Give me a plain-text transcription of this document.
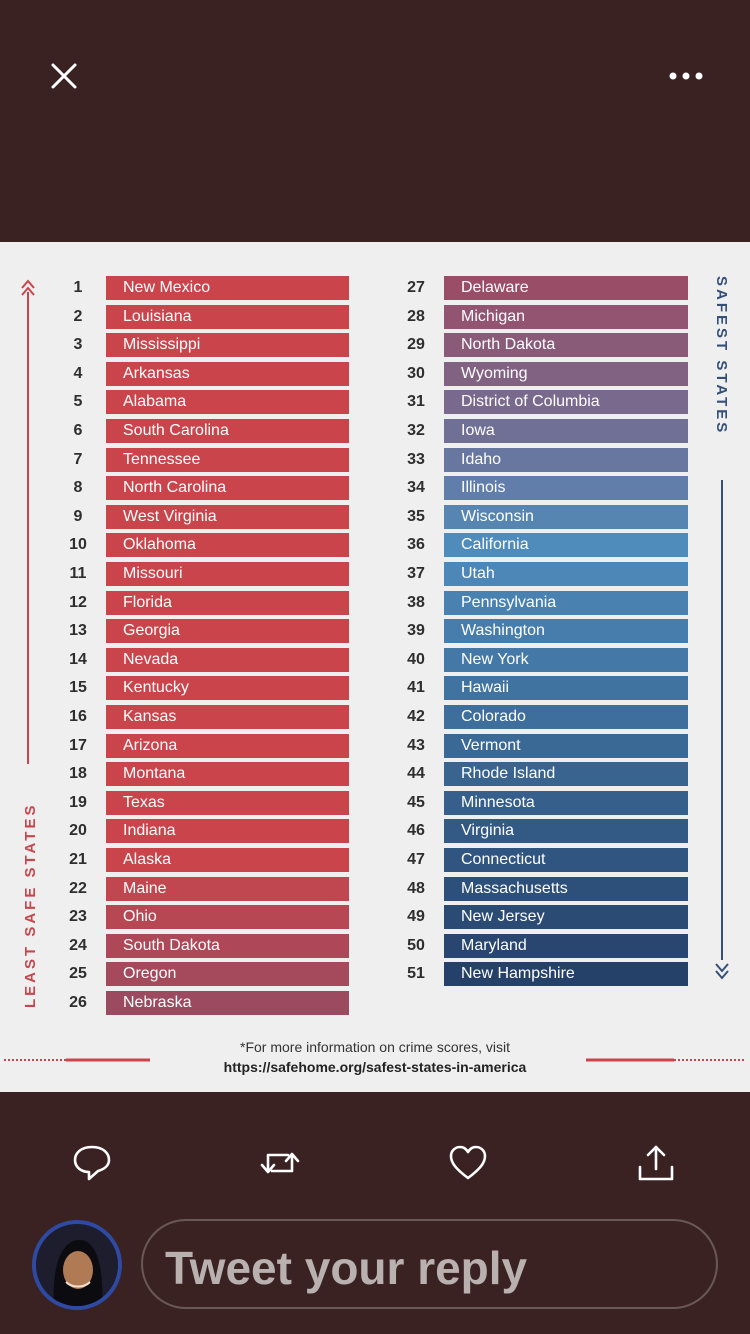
LEAST SAFE STATES
SAFEST STATES
1	New Mexico
2	Louisiana
3	Mississippi
4	Arkansas
5	Alabama
6	South Carolina
7	Tennessee
8	North Carolina
9	West Virginia
10	Oklahoma
11	Missouri
12	Florida
13	Georgia
14	Nevada
15	Kentucky
16	Kansas
17	Arizona
18	Montana
19	Texas
20	Indiana
21	Alaska
22	Maine
23	Ohio
24	South Dakota
25	Oregon
26	Nebraska
27	Delaware
28	Michigan
29	North Dakota
30	Wyoming
31	District of Columbia
32	Iowa
33	Idaho
34	Illinois
35	Wisconsin
36	California
37	Utah
38	Pennsylvania
39	Washington
40	New York
41	Hawaii
42	Colorado
43	Vermont
44	Rhode Island
45	Minnesota
46	Virginia
47	Connecticut
48	Massachusetts
49	New Jersey
50	Maryland
51	New Hampshire
*For more information on crime scores, visit
https://safehome.org/safest-states-in-america
Tweet your reply
